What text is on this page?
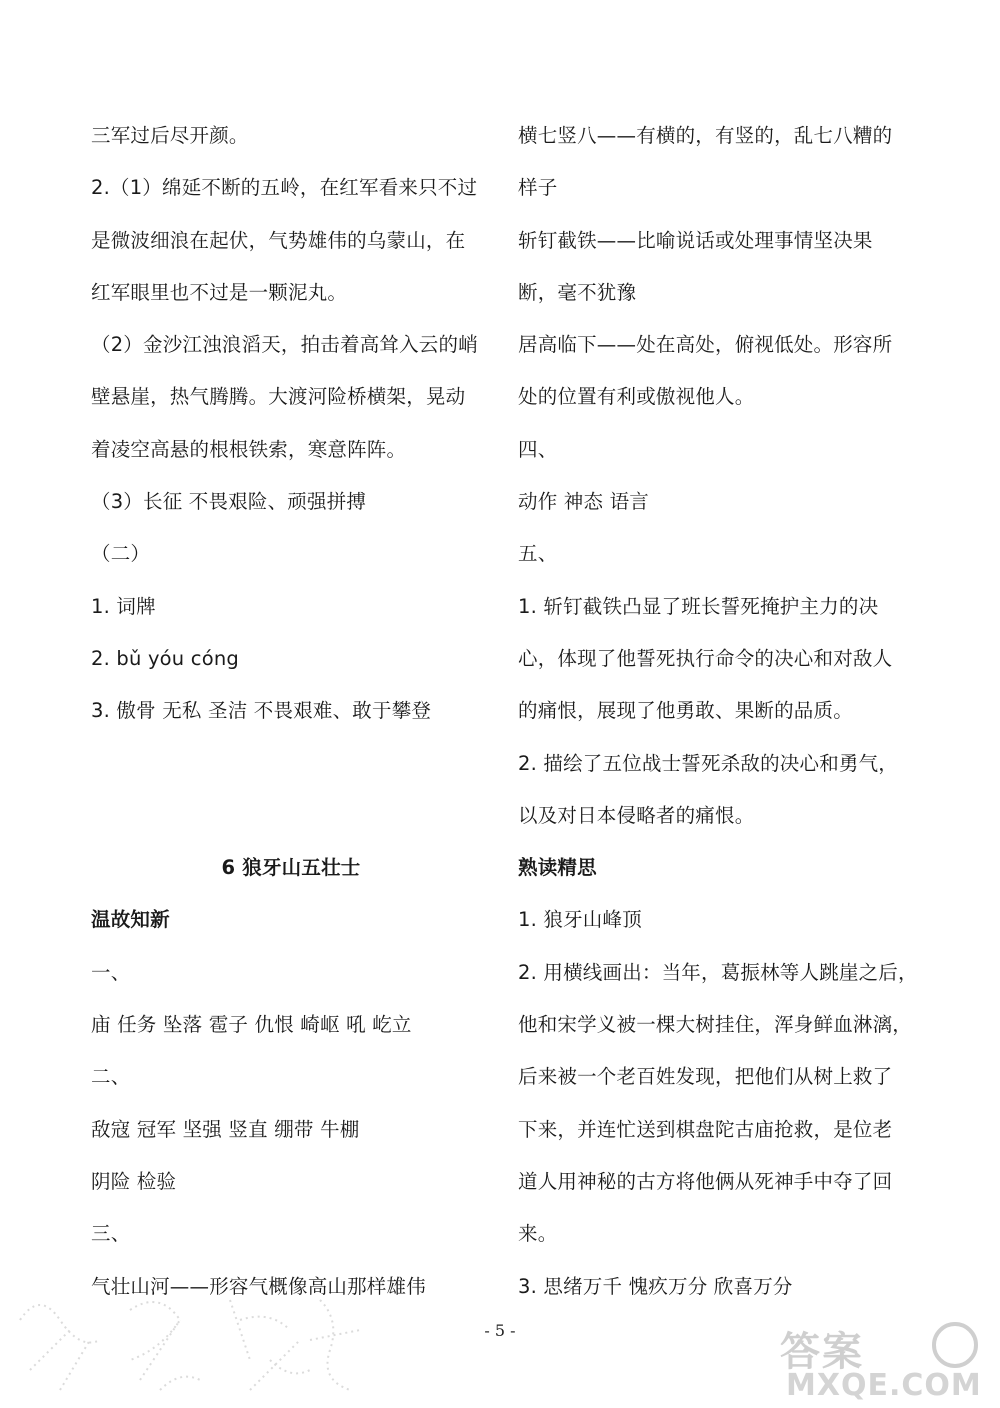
三军过后尽开颜。
2.（1）绵延不断的五岭，在红军看来只不过
是微波细浪在起伏，气势雄伟的乌蒙山，在
红军眼里也不过是一颗泥丸。
（2）金沙江浊浪滔天，拍击着高耸入云的峭
壁悬崖，热气腾腾。大渡河险桥横架，晃动
着凌空高悬的根根铁索，寒意阵阵。
（3）长征 不畏艰险、顽强拼搏
（二）
1. 词牌
2. bǔ yóu cóng
3. 傲骨 无私 圣洁 不畏艰难、敢于攀登
6 狼牙山五壮士
温故知新
一、
庙 任务 坠落 雹子 仇恨 崎岖 吼 屹立
二、
敌寇 冠军 坚强 竖直 绷带 牛棚
阴险 检验
三、
气壮山河——形容气概像高山那样雄伟
横七竖八——有横的，有竖的，乱七八糟的
样子
斩钉截铁——比喻说话或处理事情坚决果
断，毫不犹豫
居高临下——处在高处，俯视低处。形容所
处的位置有利或傲视他人。
四、
动作 神态 语言
五、
1. 斩钉截铁凸显了班长誓死掩护主力的决
心，体现了他誓死执行命令的决心和对敌人
的痛恨，展现了他勇敢、果断的品质。
2. 描绘了五位战士誓死杀敌的决心和勇气，
以及对日本侵略者的痛恨。
熟读精思
1. 狼牙山峰顶
2. 用横线画出：当年，葛振林等人跳崖之后，
他和宋学义被一棵大树挂住，浑身鲜血淋漓，
后来被一个老百姓发现，把他们从树上救了
下来，并连忙送到棋盘陀古庙抢救，是位老
道人用神秘的古方将他俩从死神手中夺了回
来。
3. 思绪万千 愧疚万分 欣喜万分
- 5 -	答案
MXQE.COM
